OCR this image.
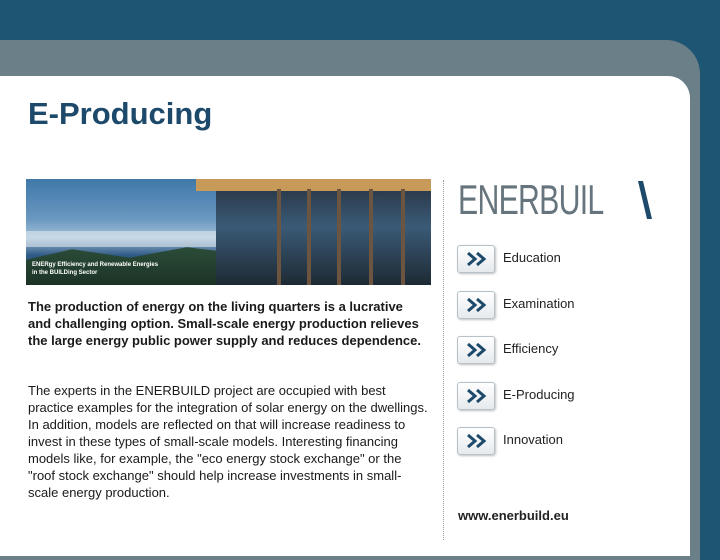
E-Producing
ENERgy Efficiency and Renewable Energies
in the BUILDing Sector
ENERBUIL
Education
Examination
Efficiency
E-Producing
Innovation

The production of energy on the living quarters is a lucrative and challenging option. Small-scale energy production relieves the large energy public power supply and reduces dependence.

The experts in the ENERBUILD project are occupied with best practice examples for the integration of solar energy on the dwellings. In addition, models are reflected on that will increase readiness to invest in these types of small-scale models. Interesting financing models like, for example, the "eco energy stock exchange" or the "roof stock exchange" should help increase investments in small-scale energy production.

www.enerbuild.eu
